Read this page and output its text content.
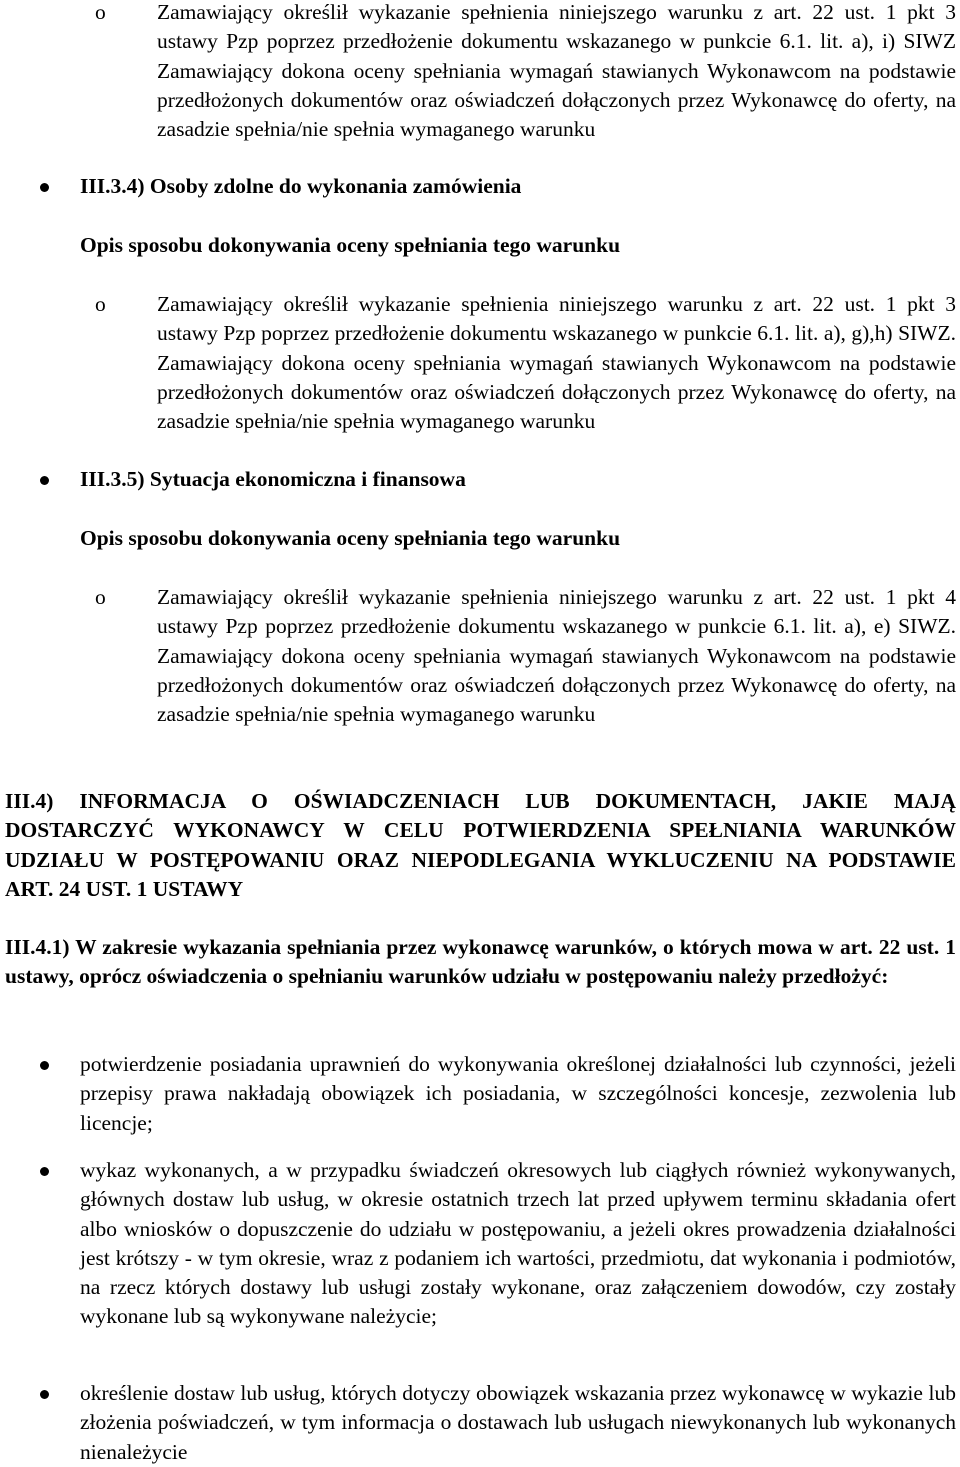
o	Zamawiający określił wykazanie spełnienia niniejszego warunku z art. 22 ust. 1 pkt 3 ustawy Pzp poprzez przedłożenie dokumentu wskazanego w punkcie 6.1. lit. a), i) SIWZ Zamawiający dokona oceny spełniania wymagań stawianych Wykonawcom na podstawie przedłożonych dokumentów oraz oświadczeń dołączonych przez Wykonawcę do oferty, na zasadzie spełnia/nie spełnia wymaganego warunku
III.3.4) Osoby zdolne do wykonania zamówienia
Opis sposobu dokonywania oceny spełniania tego warunku
o	Zamawiający określił wykazanie spełnienia niniejszego warunku z art. 22 ust. 1 pkt 3 ustawy Pzp poprzez przedłożenie dokumentu wskazanego w punkcie 6.1. lit. a), g),h) SIWZ. Zamawiający dokona oceny spełniania wymagań stawianych Wykonawcom na podstawie przedłożonych dokumentów oraz oświadczeń dołączonych przez Wykonawcę do oferty, na zasadzie spełnia/nie spełnia wymaganego warunku
III.3.5) Sytuacja ekonomiczna i finansowa
Opis sposobu dokonywania oceny spełniania tego warunku
o	Zamawiający określił wykazanie spełnienia niniejszego warunku z art. 22 ust. 1 pkt 4 ustawy Pzp poprzez przedłożenie dokumentu wskazanego w punkcie 6.1. lit. a), e) SIWZ. Zamawiający dokona oceny spełniania wymagań stawianych Wykonawcom na podstawie przedłożonych dokumentów oraz oświadczeń dołączonych przez Wykonawcę do oferty, na zasadzie spełnia/nie spełnia wymaganego warunku
III.4) INFORMACJA O OŚWIADCZENIACH LUB DOKUMENTACH, JAKIE MAJĄ DOSTARCZYĆ WYKONAWCY W CELU POTWIERDZENIA SPEŁNIANIA WARUNKÓW UDZIAŁU W POSTĘPOWANIU ORAZ NIEPODLEGANIA WYKLUCZENIU NA PODSTAWIE ART. 24 UST. 1 USTAWY
III.4.1) W zakresie wykazania spełniania przez wykonawcę warunków, o których mowa w art. 22 ust. 1 ustawy, oprócz oświadczenia o spełnianiu warunków udziału w postępowaniu należy przedłożyć:
potwierdzenie posiadania uprawnień do wykonywania określonej działalności lub czynności, jeżeli przepisy prawa nakładają obowiązek ich posiadania, w szczególności koncesje, zezwolenia lub licencje;
wykaz wykonanych, a w przypadku świadczeń okresowych lub ciągłych również wykonywanych, głównych dostaw lub usług, w okresie ostatnich trzech lat przed upływem terminu składania ofert albo wniosków o dopuszczenie do udziału w postępowaniu, a jeżeli okres prowadzenia działalności jest krótszy - w tym okresie, wraz z podaniem ich wartości, przedmiotu, dat wykonania i podmiotów, na rzecz których dostawy lub usługi zostały wykonane, oraz załączeniem dowodów, czy zostały wykonane lub są wykonywane należycie;
określenie dostaw lub usług, których dotyczy obowiązek wskazania przez wykonawcę w wykazie lub złożenia poświadczeń, w tym informacja o dostawach lub usługach niewykonanych lub wykonanych nienależycie
